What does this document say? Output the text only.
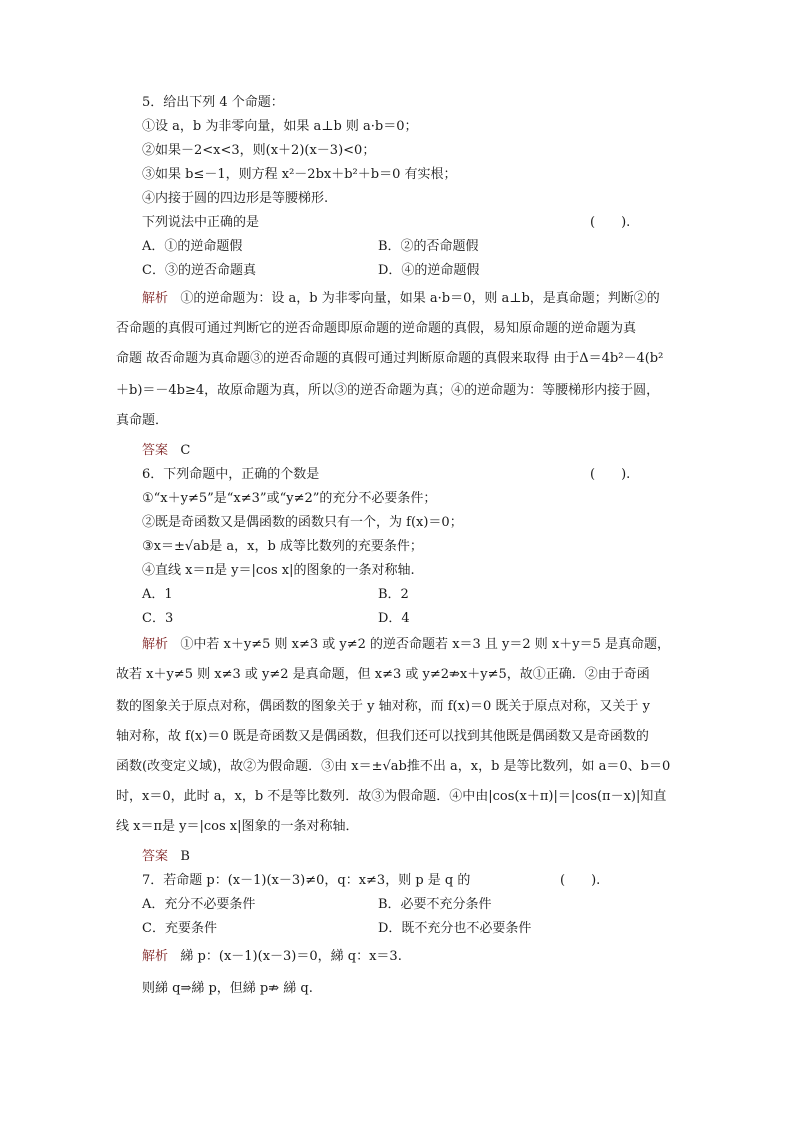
5．给出下列 4 个命题：
①设 a，b 为非零向量，如果 a⊥b 则 a·b＝0；
②如果－2<x<3，则(x＋2)(x－3)<0；
③如果 b≤－1，则方程 x²－2bx＋b²＋b＝0 有实根；
④内接于圆的四边形是等腰梯形.
下列说法中正确的是	(　　).
A．①的逆命题假	B．②的否命题假
C．③的逆否命题真	D．④的逆命题假
解析 ①的逆命题为：设 a，b 为非零向量，如果 a·b＝0，则 a⊥b，是真命题；判断②的
否命题的真假可通过判断它的逆否命题即原命题的逆命题的真假，易知原命题的逆命题为真
命题 故否命题为真命题③的逆否命题的真假可通过判断原命题的真假来取得 由于Δ＝4b²－4(b²
＋b)＝－4b≥4，故原命题为真，所以③的逆否命题为真；④的逆命题为：等腰梯形内接于圆，
真命题．
答案 C
6．下列命题中，正确的个数是	(　　).
①“x＋y≠5”是“x≠3”或“y≠2”的充分不必要条件；
②既是奇函数又是偶函数的函数只有一个，为 f(x)＝0；
③x＝±√ab是 a，x，b 成等比数列的充要条件；
④直线 x＝π是 y＝|cos x|的图象的一条对称轴.
A．1	B．2
C．3	D．4
解析 ①中若 x＋y≠5 则 x≠3 或 y≠2 的逆否命题若 x＝3 且 y＝2 则 x＋y＝5 是真命题，
故若 x＋y≠5 则 x≠3 或 y≠2 是真命题，但 x≠3 或 y≠2⇏x＋y≠5，故①正确．②由于奇函
数的图象关于原点对称，偶函数的图象关于 y 轴对称，而 f(x)＝0 既关于原点对称，又关于 y
轴对称，故 f(x)＝0 既是奇函数又是偶函数，但我们还可以找到其他既是偶函数又是奇函数的
函数(改变定义域)，故②为假命题．③由 x＝±√ab推不出 a，x，b 是等比数列，如 a＝0、b＝0
时，x＝0，此时 a，x，b 不是等比数列．故③为假命题．④中由|cos(x＋π)|＝|cos(π－x)|知直
线 x＝π是 y＝|cos x|图象的一条对称轴．
答案 B
7．若命题 p：(x－1)(x－3)≠0，q：x≠3，则 p 是 q 的	(　　).
A．充分不必要条件	B．必要不充分条件
C．充要条件	D．既不充分也不必要条件
解析 綈 p：(x－1)(x－3)＝0，綈 q：x＝3.
则綈 q⇒綈 p，但綈 p⇏ 綈 q.
